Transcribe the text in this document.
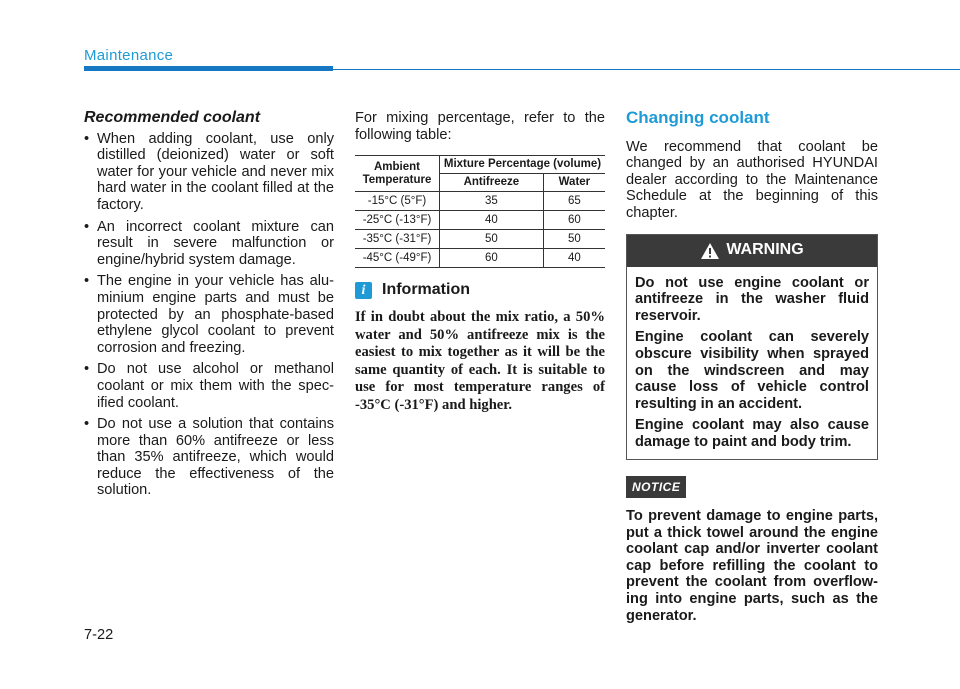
Maintenance
Recommended coolant
• When adding coolant, use only distilled (deionized) water or soft water for your vehicle and never mix hard water in the coolant filled at the factory.
• An incorrect coolant mixture can result in severe malfunction or engine/hybrid system damage.
• The engine in your vehicle has alu-minium engine parts and must be protected by an phosphate-based ethylene glycol coolant to prevent corrosion and freezing.
• Do not use alcohol or methanol coolant or mix them with the spec-ified coolant.
• Do not use a solution that contains more than 60% antifreeze or less than 35% antifreeze, which would reduce the effectiveness of the solution.

For mixing percentage, refer to the following table:

Ambient Temperature	Mixture Percentage (volume)	
	Antifreeze	Water
-15°C (5°F)	35	65
-25°C (-13°F)	40	60
-35°C (-31°F)	50	50
-45°C (-49°F)	60	40
i	Information

If in doubt about the mix ratio, a 50% water and 50% antifreeze mix is the easiest to mix together as it will be the same quantity of each. It is suitable to use for most temperature ranges of -35°C (-31°F) and higher.

Changing coolant

We recommend that coolant be changed by an authorised HYUNDAI dealer according to the Maintenance Schedule at the beginning of this chapter.

WARNING

Do not use engine coolant or antifreeze in the washer fluid reservoir.

Engine coolant can severely obscure visibility when sprayed on the windscreen and may cause loss of vehicle control resulting in an accident.

Engine coolant may also cause damage to paint and body trim.

NOTICE

To prevent damage to engine parts, put a thick towel around the engine coolant cap and/or inverter coolant cap before refilling the coolant to prevent the coolant from overflow-ing into engine parts, such as the generator.

7-22
